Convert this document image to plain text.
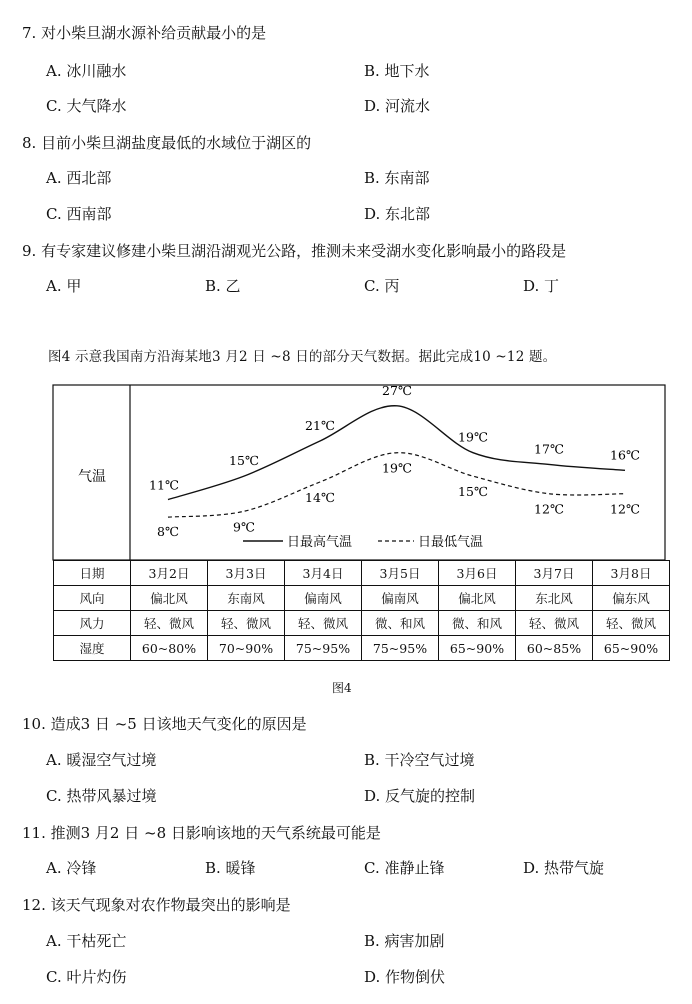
7. 对小柴旦湖水源补给贡献最小的是
A. 冰川融水	B. 地下水
C. 大气降水	D. 河流水
8. 目前小柴旦湖盐度最低的水域位于湖区的
A. 西北部	B. 东南部
C. 西南部	D. 东北部
9. 有专家建议修建小柴旦湖沿湖观光公路，推测未来受湖水变化影响最小的路段是
A. 甲	B. 乙	C. 丙	D. 丁
图4 示意我国南方沿海某地3 月2 日 ~8 日的部分天气数据。据此完成10 ~12 题。
气温
11℃
15℃
21℃
27℃
19℃
17℃	16℃
8℃	9℃
14℃
19℃
15℃
12℃	12℃
日最高气温	日最低气温
日期	3月2日	3月3日	3月4日	3月5日	3月6日	3月7日	3月8日
风向	偏北风	东南风	偏南风	偏南风	偏北风	东北风	偏东风
风力	轻、微风	轻、微风	轻、微风	微、和风	微、和风	轻、微风	轻、微风
湿度	60~80%	70~90%	75~95%	75~95%	65~90%	60~85%	65~90%
图4
10. 造成3 日 ~5 日该地天气变化的原因是
A. 暖湿空气过境	B. 干冷空气过境
C. 热带风暴过境	D. 反气旋的控制
11. 推测3 月2 日 ~8 日影响该地的天气系统最可能是
A. 冷锋	B. 暖锋	C. 准静止锋	D. 热带气旋
12. 该天气现象对农作物最突出的影响是
A. 干枯死亡	B. 病害加剧
C. 叶片灼伤	D. 作物倒伏
